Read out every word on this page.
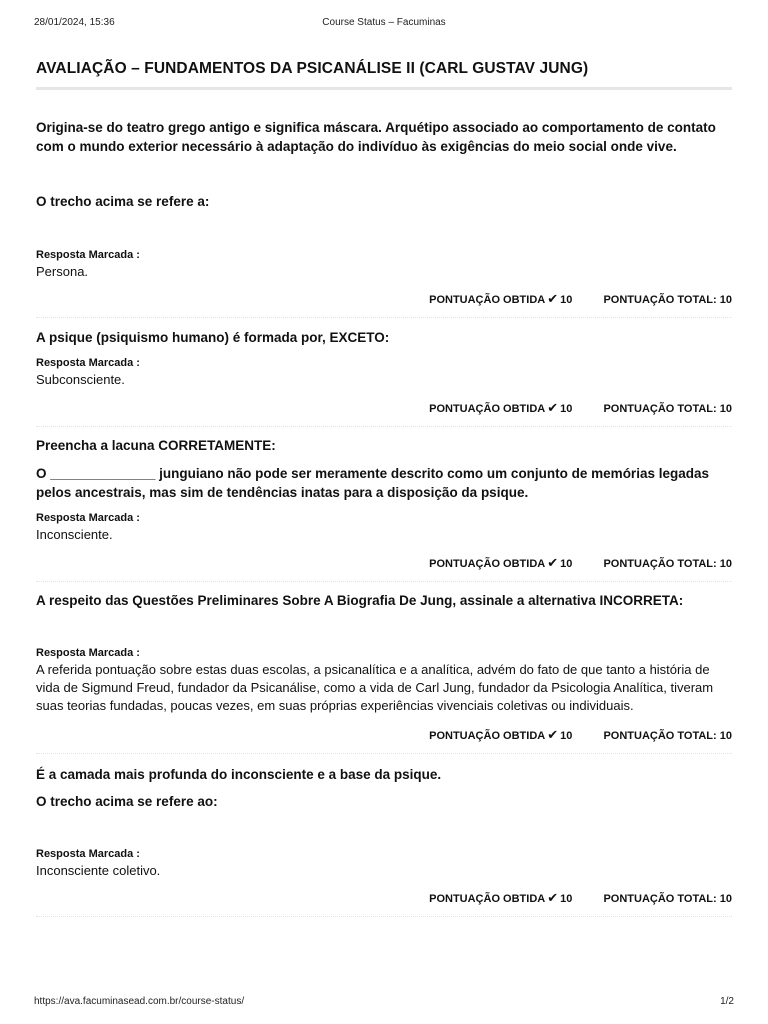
28/01/2024, 15:36	Course Status – Facuminas
AVALIAÇÃO – FUNDAMENTOS DA PSICANÁLISE II (CARL GUSTAV JUNG)
Origina-se do teatro grego antigo e significa máscara. Arquétipo associado ao comportamento de contato com o mundo exterior necessário à adaptação do indivíduo às exigências do meio social onde vive.
O trecho acima se refere a:
Resposta Marcada :
Persona.
PONTUAÇÃO OBTIDA ✔ 10	PONTUAÇÃO TOTAL: 10
A psique (psiquismo humano) é formada por, EXCETO:
Resposta Marcada :
Subconsciente.
PONTUAÇÃO OBTIDA ✔ 10	PONTUAÇÃO TOTAL: 10
Preencha a lacuna CORRETAMENTE:
O ______________ junguiano não pode ser meramente descrito como um conjunto de memórias legadas pelos ancestrais, mas sim de tendências inatas para a disposição da psique.
Resposta Marcada :
Inconsciente.
PONTUAÇÃO OBTIDA ✔ 10	PONTUAÇÃO TOTAL: 10
A respeito das Questões Preliminares Sobre A Biografia De Jung, assinale a alternativa INCORRETA:
Resposta Marcada :
A referida pontuação sobre estas duas escolas, a psicanalítica e a analítica, advém do fato de que tanto a história de vida de Sigmund Freud, fundador da Psicanálise, como a vida de Carl Jung, fundador da Psicologia Analítica, tiveram suas teorias fundadas, poucas vezes, em suas próprias experiências vivenciais coletivas ou individuais.
PONTUAÇÃO OBTIDA ✔ 10	PONTUAÇÃO TOTAL: 10
É a camada mais profunda do inconsciente e a base da psique.
O trecho acima se refere ao:
Resposta Marcada :
Inconsciente coletivo.
PONTUAÇÃO OBTIDA ✔ 10	PONTUAÇÃO TOTAL: 10
https://ava.facuminasead.com.br/course-status/	1/2
